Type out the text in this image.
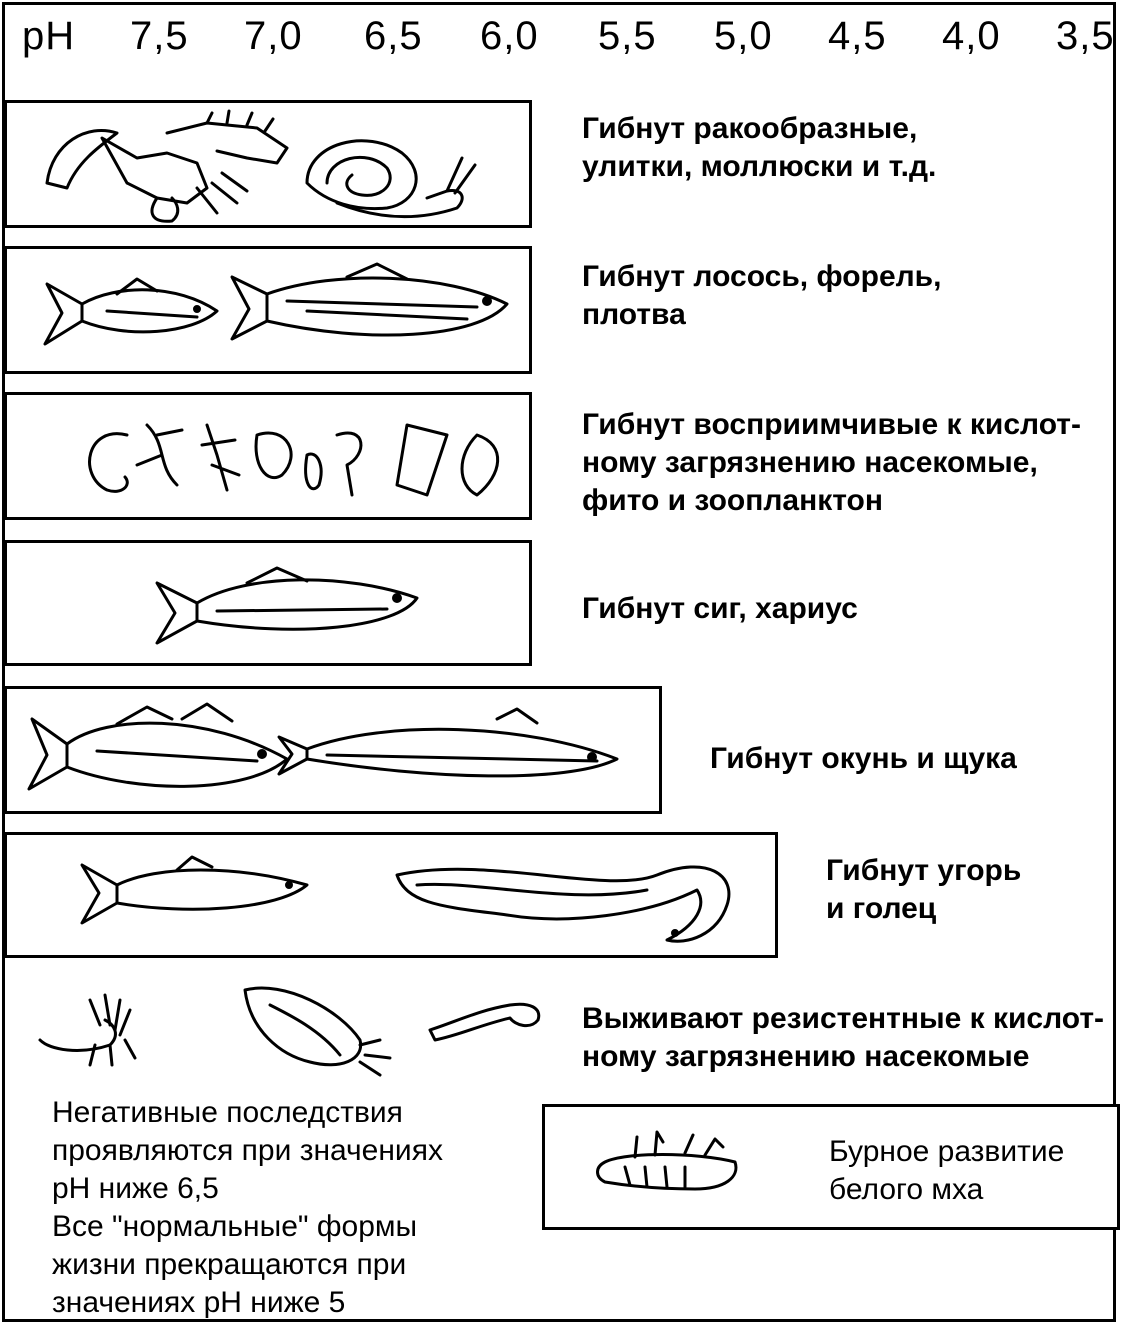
pH 7,5 7,0 6,5 6,0 5,5 5,0 4,5 4,0 3,5
Гибнут ракообразные,
улитки, моллюски и т.д.
Гибнут лосось, форель,
плотва
Гибнут восприимчивые к кислот-
ному загрязнению насекомые,
фито и зоопланктон
Гибнут сиг, хариус
Гибнут окунь и щука
Гибнут угорь
и голец
Выживают резистентные к кислот-
ному загрязнению насекомые
Бурное развитие
белого мха
Негативные последствия
проявляются при значениях
pH ниже 6,5
Все "нормальные" формы
жизни прекращаются при
значениях pH ниже 5
